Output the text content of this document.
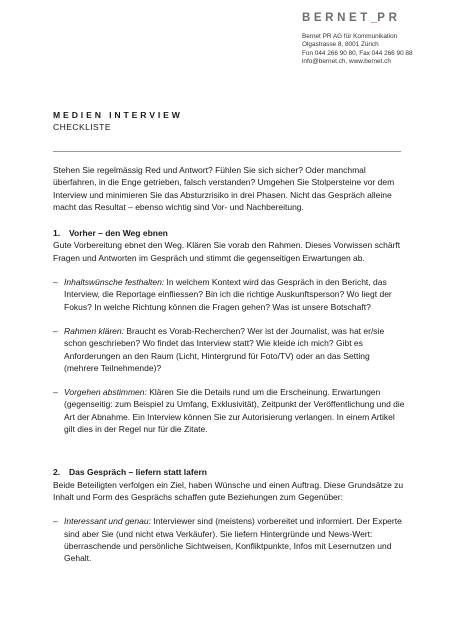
BERNET_PR
Bernet PR AG für Kommunikation
Olgastrasse 8, 8001 Zürich
Fon 044 266 90 80, Fax 044 266 90 88
info@bernet.ch, www.bernet.ch
MEDIEN INTERVIEW
CHECKLISTE

Stehen Sie regelmässig Red und Antwort? Fühlen Sie sich sicher? Oder manchmal überfahren, in die Enge getrieben, falsch verstanden? Umgehen Sie Stolpersteine vor dem Interview und minimieren Sie das Absturzrisiko in drei Phasen. Nicht das Gespräch alleine macht das Resultat – ebenso wichtig sind Vor- und Nachbereitung.

1. Vorher – den Weg ebnen

Gute Vorbereitung ebnet den Weg. Klären Sie vorab den Rahmen. Dieses Vorwissen schärft Fragen und Antworten im Gespräch und stimmt die gegenseitigen Erwartungen ab.

– Inhaltswünsche festhalten: In welchem Kontext wird das Gespräch in den Bericht, das Interview, die Reportage einfliessen? Bin ich die richtige Auskunftsperson? Wo liegt der Fokus? In welche Richtung können die Fragen gehen? Was ist unsere Botschaft?
– Rahmen klären: Braucht es Vorab-Recherchen? Wer ist der Journalist, was hat er/sie schon geschrieben? Wo findet das Interview statt? Wie kleide ich mich? Gibt es Anforderungen an den Raum (Licht, Hintergrund für Foto/TV) oder an das Setting (mehrere Teilnehmende)?
– Vorgehen abstimmen: Klären Sie die Details rund um die Erscheinung. Erwartungen (gegenseitig: zum Beispiel zu Umfang, Exklusivität), Zeitpunkt der Veröffentlichung und die Art der Abnahme. Ein Interview können Sie zur Autorisierung verlangen. In einem Artikel gilt dies in der Regel nur für die Zitate.

2. Das Gespräch – liefern statt lafern

Beide Beteiligten verfolgen ein Ziel, haben Wünsche und einen Auftrag. Diese Grundsätze zu Inhalt und Form des Gesprächs schaffen gute Beziehungen zum Gegenüber:

– Interessant und genau: Interviewer sind (meistens) vorbereitet und informiert. Der Experte sind aber Sie (und nicht etwa Verkäufer). Sie liefern Hintergründe und News-Wert: überraschende und persönliche Sichtweisen, Konfliktpunkte, Infos mit Lesernutzen und Gehalt.
